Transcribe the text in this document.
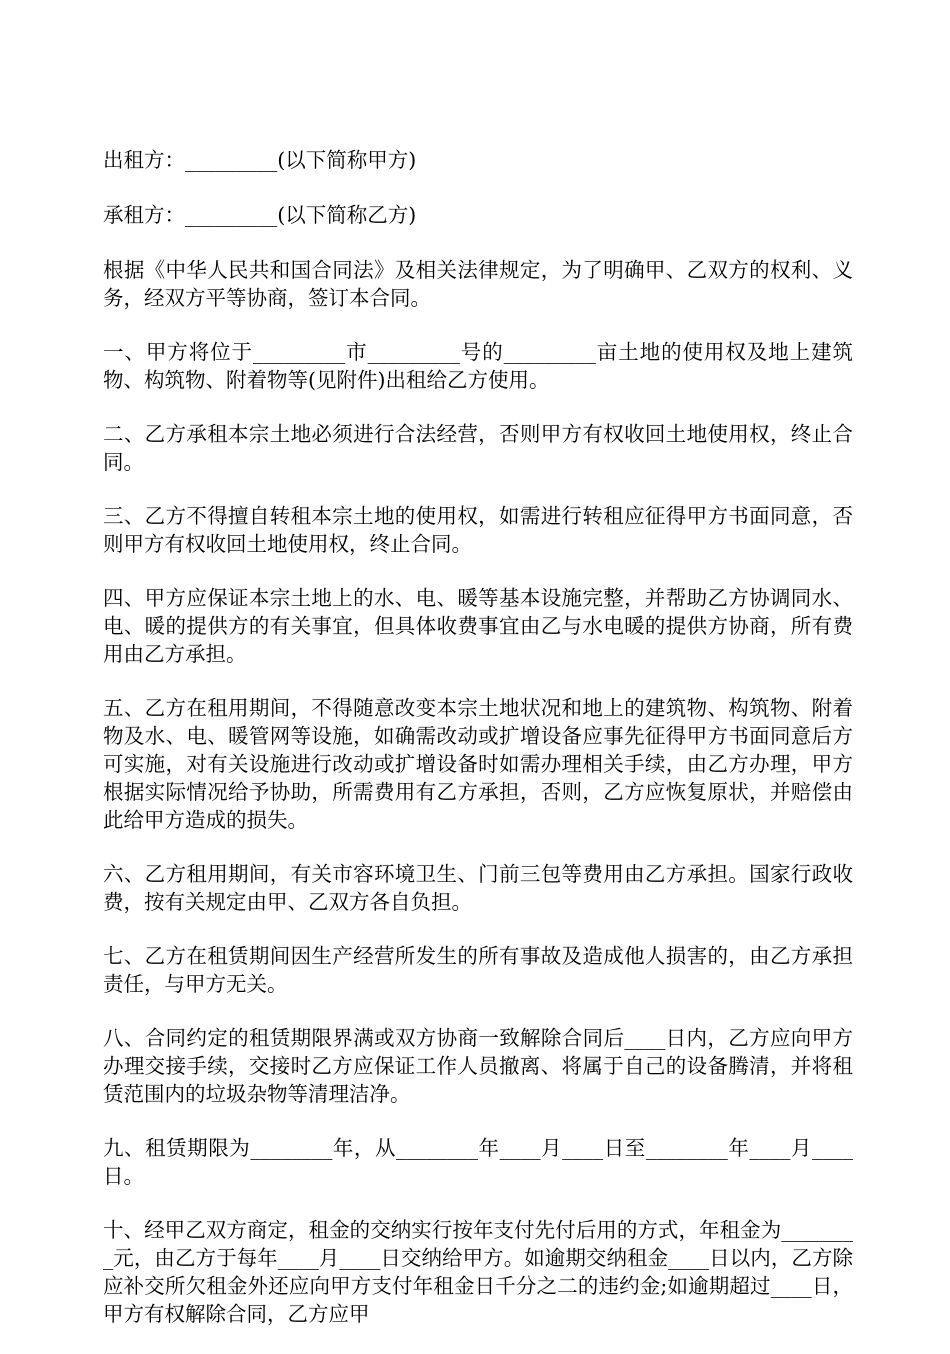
出租方：_________(以下简称甲方)

承租方：_________(以下简称乙方)

根据《中华人民共和国合同法》及相关法律规定，为了明确甲、乙双方的权利、义务，经双方平等协商，签订本合同。

一、甲方将位于_________市_________号的_________亩土地的使用权及地上建筑物、构筑物、附着物等(见附件)出租给乙方使用。

二、乙方承租本宗土地必须进行合法经营，否则甲方有权收回土地使用权，终止合同。

三、乙方不得擅自转租本宗土地的使用权，如需进行转租应征得甲方书面同意，否则甲方有权收回土地使用权，终止合同。

四、甲方应保证本宗土地上的水、电、暖等基本设施完整，并帮助乙方协调同水、电、暖的提供方的有关事宜，但具体收费事宜由乙与水电暖的提供方协商，所有费用由乙方承担。

五、乙方在租用期间，不得随意改变本宗土地状况和地上的建筑物、构筑物、附着物及水、电、暖管网等设施，如确需改动或扩增设备应事先征得甲方书面同意后方可实施，对有关设施进行改动或扩增设备时如需办理相关手续，由乙方办理，甲方根据实际情况给予协助，所需费用有乙方承担，否则，乙方应恢复原状，并赔偿由此给甲方造成的损失。

六、乙方租用期间，有关市容环境卫生、门前三包等费用由乙方承担。国家行政收费，按有关规定由甲、乙双方各自负担。

七、乙方在租赁期间因生产经营所发生的所有事故及造成他人损害的，由乙方承担责任，与甲方无关。

八、合同约定的租赁期限界满或双方协商一致解除合同后____日内，乙方应向甲方办理交接手续，交接时乙方应保证工作人员撤离、将属于自己的设备腾清，并将租赁范围内的垃圾杂物等清理洁净。

九、租赁期限为________年，从________年____月____日至________年____月____日。

十、经甲乙双方商定，租金的交纳实行按年支付先付后用的方式，年租金为________元，由乙方于每年____月____日交纳给甲方。如逾期交纳租金____日以内，乙方除应补交所欠租金外还应向甲方支付年租金日千分之二的违约金;如逾期超过____日，甲方有权解除合同，乙方应甲
